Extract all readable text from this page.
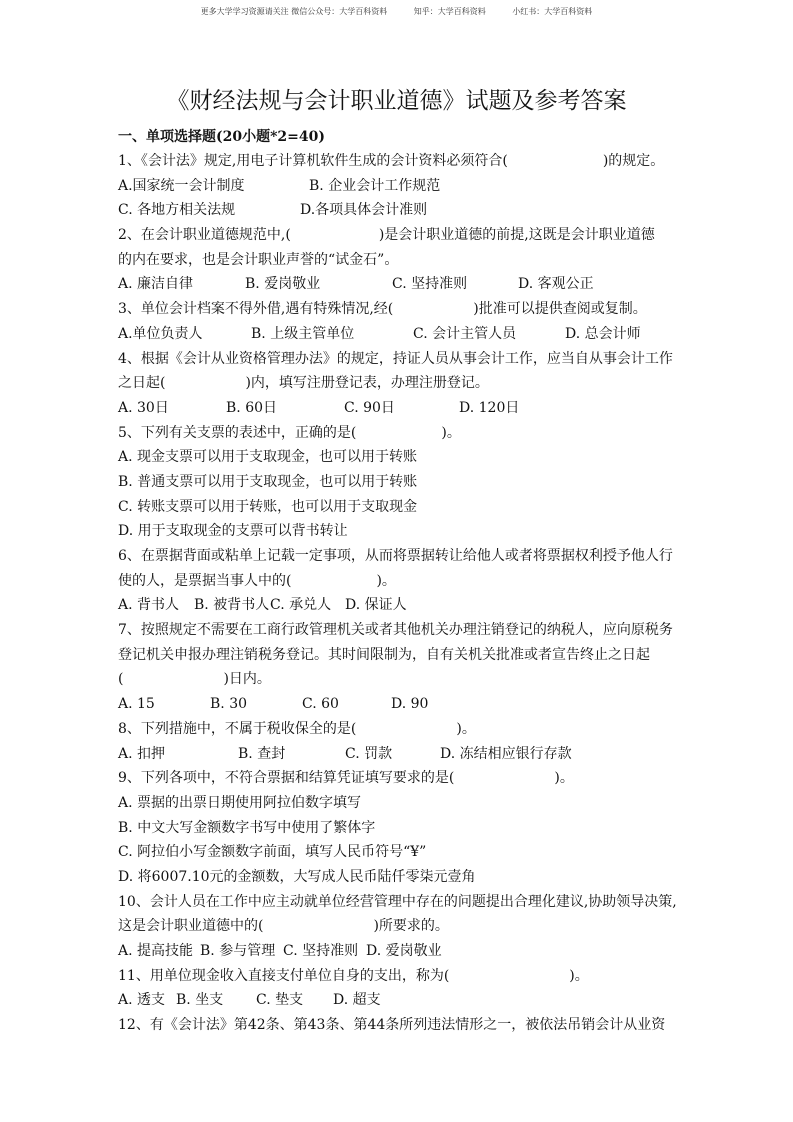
更多大学学习资源请关注 微信公众号：大学百科资料	知乎：大学百科资料	小红书：大学百科资料
《财经法规与会计职业道德》试题及参考答案
一、单项选择题(20小题*2=40)
1、《会计法》规定,用电子计算机软件生成的会计资料必须符合(	)的规定。
A.国家统一会计制度	B. 企业会计工作规范
C. 各地方相关法规	D.各项具体会计准则
2、在会计职业道德规范中,(	)是会计职业道德的前提,这既是会计职业道德
的内在要求，也是会计职业声誉的“试金石”。
A. 廉洁自律	B. 爱岗敬业	C. 坚持准则	D. 客观公正
3、单位会计档案不得外借,遇有特殊情况,经(	)批准可以提供查阅或复制。
A.单位负责人	B. 上级主管单位	C. 会计主管人员	D. 总会计师
4、根据《会计从业资格管理办法》的规定，持证人员从事会计工作，应当自从事会计工作
之日起(	)内，填写注册登记表，办理注册登记。
A. 30日	B. 60日	C. 90日	D. 120日
5、下列有关支票的表述中，正确的是(	)。
A. 现金支票可以用于支取现金，也可以用于转账
B. 普通支票可以用于支取现金，也可以用于转账
C. 转账支票可以用于转账，也可以用于支取现金
D. 用于支取现金的支票可以背书转让
6、在票据背面或粘单上记载一定事项，从而将票据转让给他人或者将票据权利授予他人行
使的人，是票据当事人中的(	)。
A. 背书人 B. 被背书人 C. 承兑人 D. 保证人
7、按照规定不需要在工商行政管理机关或者其他机关办理注销登记的纳税人，应向原税务
登记机关申报办理注销税务登记。其时间限制为，自有关机关批准或者宣告终止之日起
(	)日内。
A. 15	B. 30	C. 60	D. 90
8、下列措施中，不属于税收保全的是(	)。
A. 扣押	B. 查封	C. 罚款	D. 冻结相应银行存款
9、下列各项中，不符合票据和结算凭证填写要求的是(	)。
A. 票据的出票日期使用阿拉伯数字填写
B. 中文大写金额数字书写中使用了繁体字
C. 阿拉伯小写金额数字前面，填写人民币符号“¥”
D. 将6007.10元的金额数，大写成人民币陆仟零柒元壹角
10、会计人员在工作中应主动就单位经营管理中存在的问题提出合理化建议,协助领导决策,
这是会计职业道德中的(	)所要求的。
A. 提高技能 B. 参与管理 C. 坚持准则 D. 爱岗敬业
11、用单位现金收入直接支付单位自身的支出，称为(	)。
A. 透支 B. 坐支 C. 垫支 D. 超支
12、有《会计法》第42条、第43条、第44条所列违法情形之一，被依法吊销会计从业资
